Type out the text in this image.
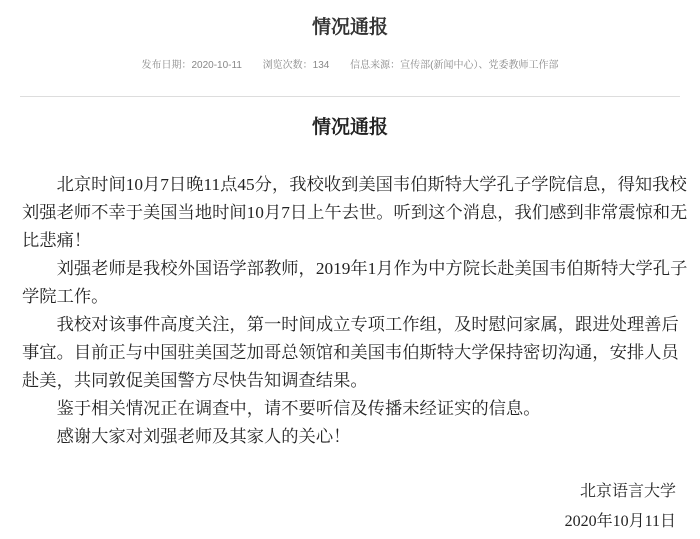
情况通报
发布日期：2020-10-11 浏览次数：134 信息来源：宣传部(新闻中心）、党委教师工作部
情况通报

北京时间10月7日晚11点45分，我校收到美国韦伯斯特大学孔子学院信息，得知我校刘强老师不幸于美国当地时间10月7日上午去世。听到这个消息，我们感到非常震惊和无比悲痛！

刘强老师是我校外国语学部教师，2019年1月作为中方院长赴美国韦伯斯特大学孔子学院工作。

我校对该事件高度关注，第一时间成立专项工作组，及时慰问家属，跟进处理善后事宜。目前正与中国驻美国芝加哥总领馆和美国韦伯斯特大学保持密切沟通，安排人员赴美，共同敦促美国警方尽快告知调查结果。

鉴于相关情况正在调查中，请不要听信及传播未经证实的信息。

感谢大家对刘强老师及其家人的关心！

北京语言大学
2020年10月11日
